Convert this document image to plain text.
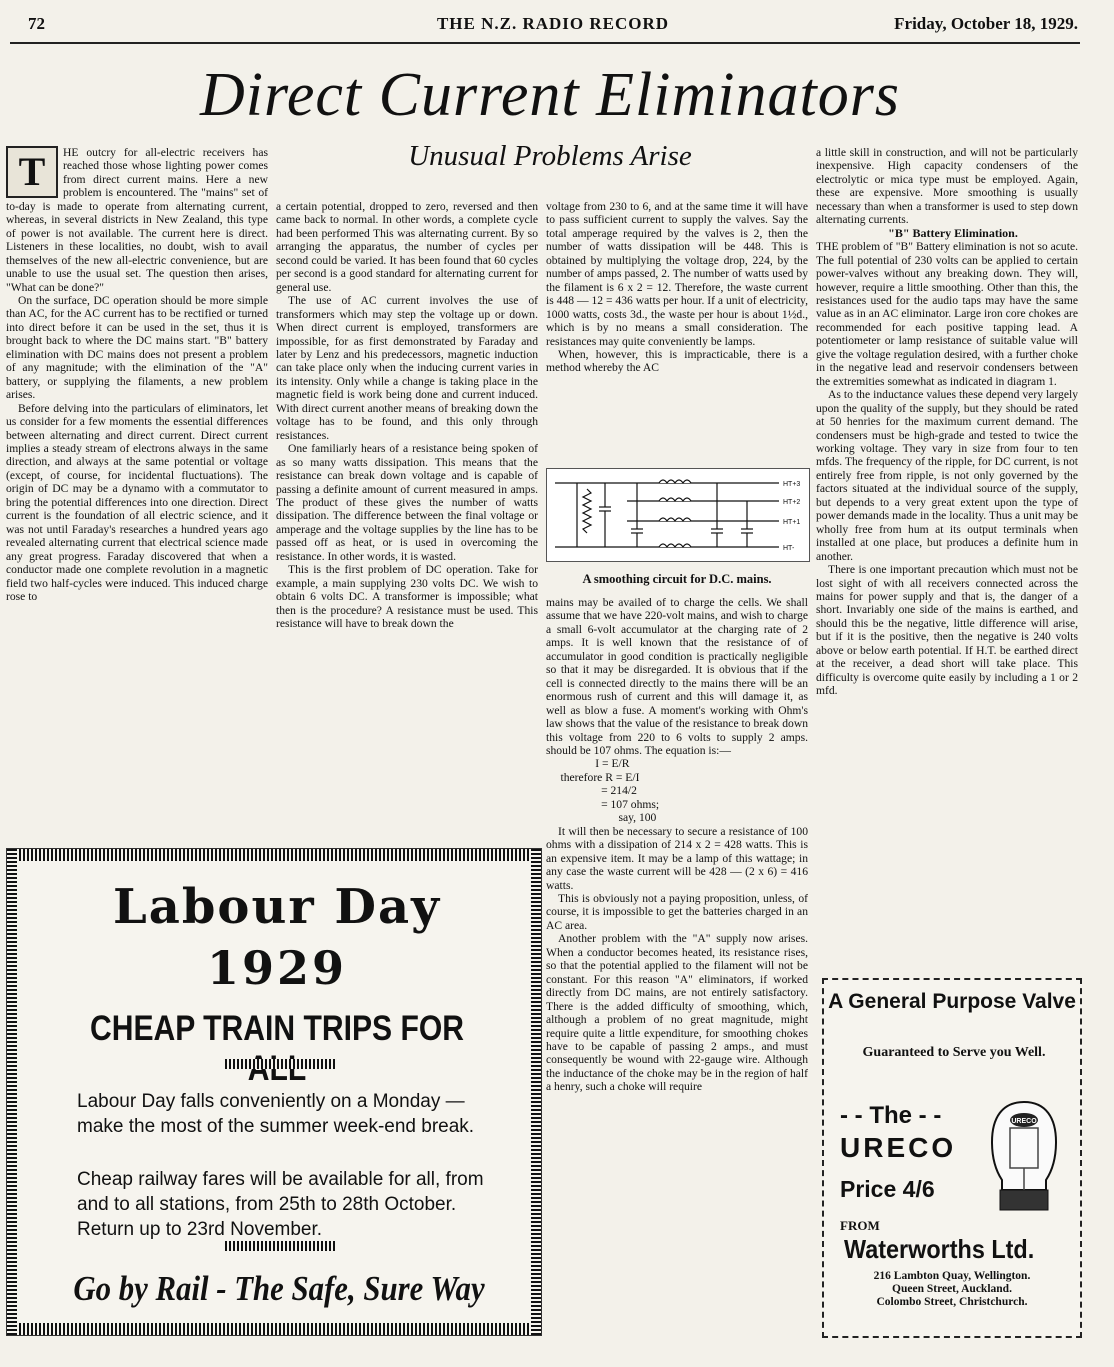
72	THE N.Z. RADIO RECORD	Friday, October 18, 1929.
Direct Current Eliminators
Unusual Problems Arise
T	HE outcry for all-electric receivers has reached those whose lighting power comes from direct current mains. Here a new problem is encountered. The "mains" set of to-day is made to operate from alternating current, whereas, in several districts in New Zealand, this type of power is not available. The current here is direct. Listeners in these localities, no doubt, wish to avail themselves of the new all-electric convenience, but are unable to use the usual set. The question then arises, "What can be done?"

On the surface, DC operation should be more simple than AC, for the AC current has to be rectified or turned into direct before it can be used in the set, thus it is brought back to where the DC mains start. "B" battery elimination with DC mains does not present a problem of any magnitude; with the elimination of the "A" battery, or supplying the filaments, a new problem arises.

Before delving into the particulars of eliminators, let us consider for a few moments the essential differences between alternating and direct current. Direct current implies a steady stream of electrons always in the same direction, and always at the same potential or voltage (except, of course, for incidental fluctuations). The origin of DC may be a dynamo with a commutator to bring the potential differences into one direction. Direct current is the foundation of all electric science, and it was not until Faraday's researches a hundred years ago revealed alternating current that electrical science made any great progress. Faraday discovered that when a conductor made one complete revolution in a magnetic field two half-cycles were induced. This induced charge rose to

a certain potential, dropped to zero, reversed and then came back to normal. In other words, a complete cycle had been performed This was alternating current. By so arranging the apparatus, the number of cycles per second could be varied. It has been found that 60 cycles per second is a good standard for alternating current for general use.

The use of AC current involves the use of transformers which may step the voltage up or down. When direct current is employed, transformers are impossible, for as first demonstrated by Faraday and later by Lenz and his predecessors, magnetic induction can take place only when the inducing current varies in its intensity. Only while a change is taking place in the magnetic field is work being done and current induced. With direct current another means of breaking down the voltage has to be found, and this only through resistances.

One familiarly hears of a resistance being spoken of as so many watts dissipation. This means that the resistance can break down voltage and is capable of passing a definite amount of current measured in amps. The product of these gives the number of watts dissipation. The difference between the final voltage or amperage and the voltage supplies by the line has to be passed off as heat, or is used in overcoming the resistance. In other words, it is wasted.

This is the first problem of DC operation. Take for example, a main supplying 230 volts DC. We wish to obtain 6 volts DC. A transformer is impossible; what then is the procedure? A resistance must be used. This resistance will have to break down the

voltage from 230 to 6, and at the same time it will have to pass sufficient current to supply the valves. Say the total amperage required by the valves is 2, then the number of watts dissipation will be 448. This is obtained by multiplying the voltage drop, 224, by the number of amps passed, 2. The number of watts used by the filament is 6 x 2 = 12. Therefore, the waste current is 448 — 12 = 436 watts per hour. If a unit of electricity, 1000 watts, costs 3d., the waste per hour is about 1½d., which is by no means a small consideration. The resistances may quite conveniently be lamps.

When, however, this is impracticable, there is a method whereby the AC

HT+3
HT+2
HT+1
HT-
A smoothing circuit for D.C. mains.

mains may be availed of to charge the cells. We shall assume that we have 220-volt mains, and wish to charge a small 6-volt accumulator at the charging rate of 2 amps. It is well known that the resistance of of accumulator in good condition is practically negligible so that it may be disregarded. It is obvious that if the cell is connected directly to the mains there will be an enormous rush of current and this will damage it, as well as blow a fuse. A moment's working with Ohm's law shows that the value of the resistance to break down this voltage from 220 to 6 volts to supply 2 amps. should be 107 ohms. The equation is:—

I = E/R
therefore R = E/I
= 214/2
= 107 ohms;
say, 100

It will then be necessary to secure a resistance of 100 ohms with a dissipation of 214 x 2 = 428 watts. This is an expensive item. It may be a lamp of this wattage; in any case the waste current will be 428 — (2 x 6) = 416 watts.

This is obviously not a paying proposition, unless, of course, it is impossible to get the batteries charged in an AC area.

Another problem with the "A" supply now arises. When a conductor becomes heated, its resistance rises, so that the potential applied to the filament will not be constant. For this reason "A" eliminators, if worked directly from DC mains, are not entirely satisfactory. There is the added difficulty of smoothing, which, although a problem of no great magnitude, might require quite a little expenditure, for smoothing chokes have to be capable of passing 2 amps., and must consequently be wound with 22-gauge wire. Although the inductance of the choke may be in the region of half a henry, such a choke will require

a little skill in construction, and will not be particularly inexpensive. High capacity condensers of the electrolytic or mica type must be employed. Again, these are expensive. More smoothing is usually necessary than when a transformer is used to step down alternating currents.

"B" Battery Elimination.

THE problem of "B" Battery elimination is not so acute. The full potential of 230 volts can be applied to certain power-valves without any breaking down. They will, however, require a little smoothing. Other than this, the resistances used for the audio taps may have the same value as in an AC eliminator. Large iron core chokes are recommended for each positive tapping lead. A potentiometer or lamp resistance of suitable value will give the voltage regulation desired, with a further choke in the negative lead and reservoir condensers between the extremities somewhat as indicated in diagram 1.

As to the inductance values these depend very largely upon the quality of the supply, but they should be rated at 50 henries for the maximum current demand. The condensers must be high-grade and tested to twice the working voltage. They vary in size from four to ten mfds. The frequency of the ripple, for DC current, is not entirely free from ripple, is not only governed by the factors situated at the individual source of the supply, but depends to a very great extent upon the type of power demands made in the locality. Thus a unit may be wholly free from hum at its output terminals when installed at one place, but produces a definite hum in another.

There is one important precaution which must not be lost sight of with all receivers connected across the mains for power supply and that is, the danger of a short. Invariably one side of the mains is earthed, and should this be the negative, little difference will arise, but if it is the positive, then the negative is 240 volts above or below earth potential. If H.T. be earthed direct at the receiver, a dead short will take place. This difficulty is overcome quite easily by including a 1 or 2 mfd.

Labour Day
1929
CHEAP TRAIN TRIPS FOR
Labour Day falls conveniently on a Monday —make the most of the summer week-end break.
Cheap railway fares will be available for all, from and to all stations, from 25th to 28th October. Return up to 23rd November.
Go by Rail - The Safe, Sure Way
A General Purpose Valve
Guaranteed to Serve you Well.
- - The - -
URECO
Price 4/6
FROM
Waterworths Ltd.
216 Lambton Quay, Wellington.
Queen Street, Auckland.
Colombo Street, Christchurch.
URECO
